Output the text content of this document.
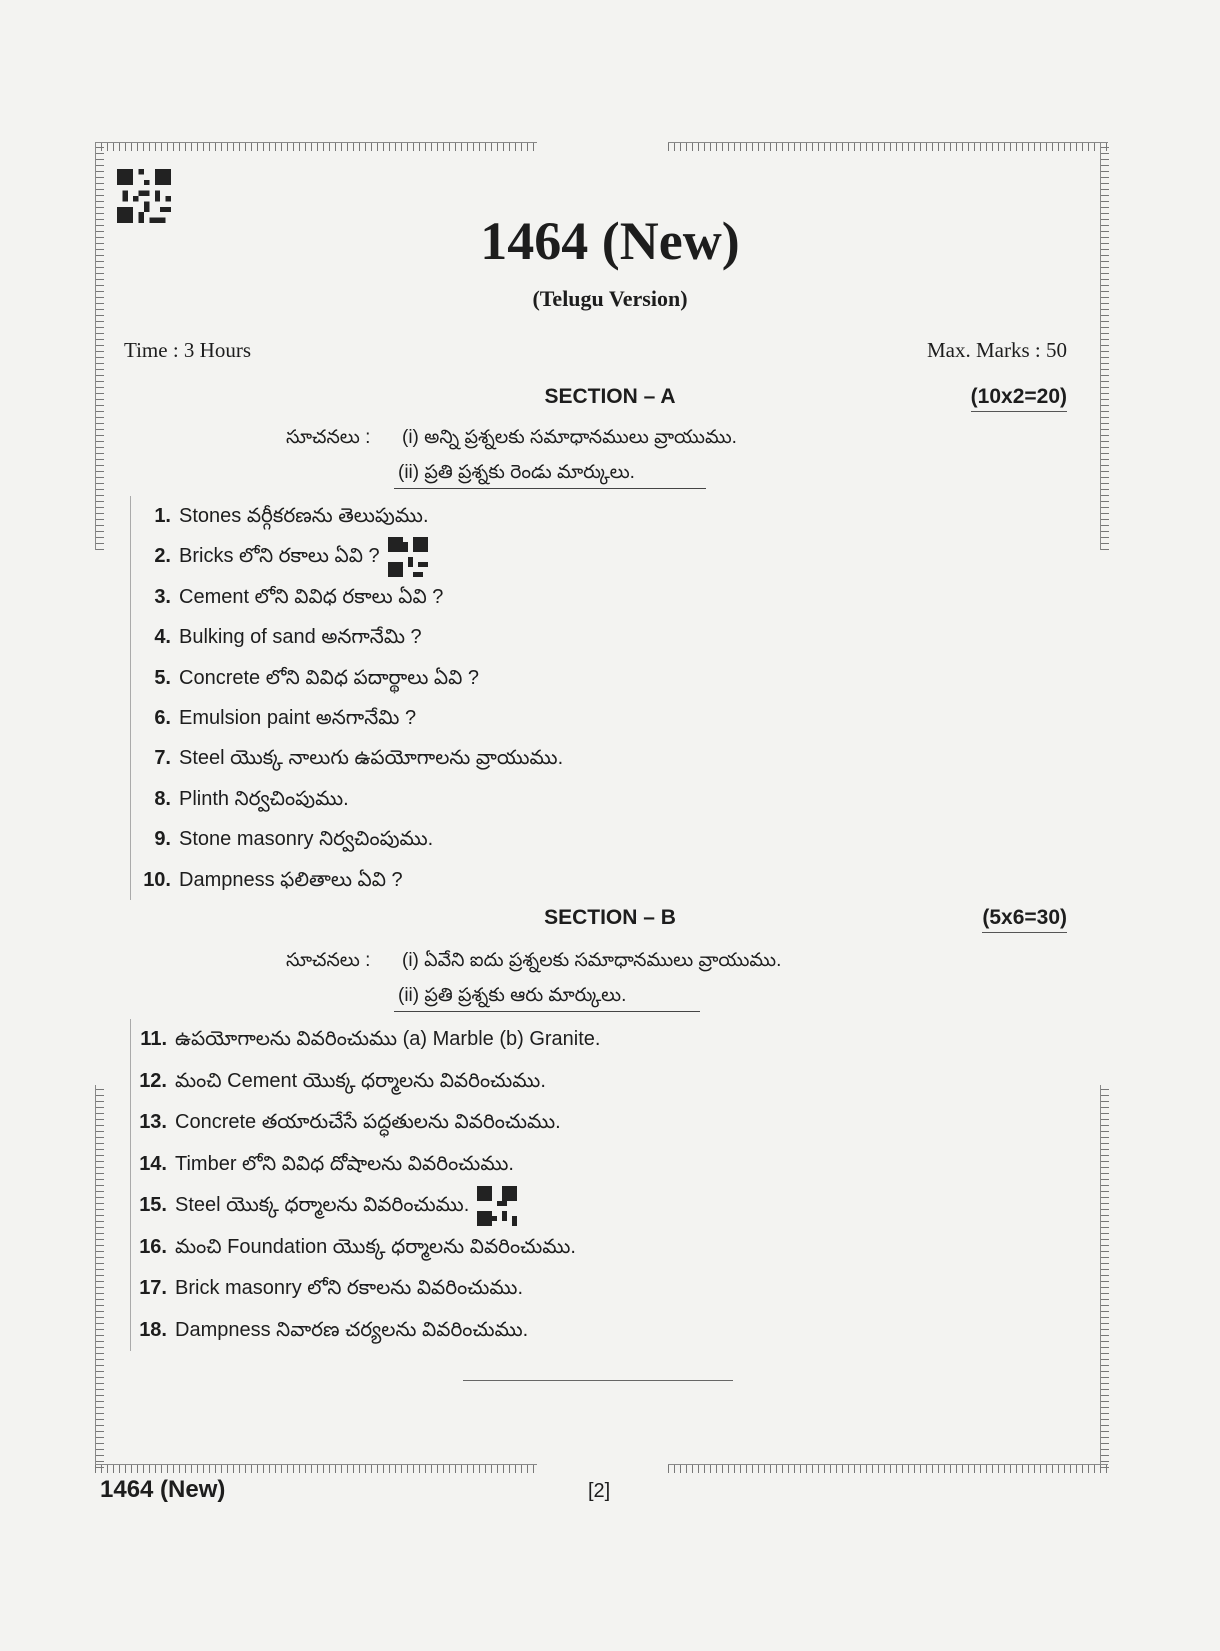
1464 (New)
(Telugu Version)
Time : 3 Hours	Max. Marks : 50
SECTION – A	(10x2=20)
సూచనలు : (i) అన్ని ప్రశ్నలకు సమాధానములు వ్రాయుము.
(ii) ప్రతి ప్రశ్నకు రెండు మార్కులు.
1. Stones వర్గీకరణను తెలుపుము.
2. Bricks లోని రకాలు ఏవి ?
3. Cement లోని వివిధ రకాలు ఏవి ?
4. Bulking of sand అనగానేమి ?
5. Concrete లోని వివిధ పదార్థాలు ఏవి ?
6. Emulsion paint అనగానేమి ?
7. Steel యొక్క నాలుగు ఉపయోగాలను వ్రాయుము.
8. Plinth నిర్వచింపుము.
9. Stone masonry నిర్వచింపుము.
10. Dampness ఫలితాలు ఏవి ?
SECTION – B	(5x6=30)
సూచనలు : (i) ఏవేని ఐదు ప్రశ్నలకు సమాధానములు వ్రాయుము.
(ii) ప్రతి ప్రశ్నకు ఆరు మార్కులు.
11. ఉపయోగాలను వివరించుము (a) Marble (b) Granite.
12. మంచి Cement యొక్క ధర్మాలను వివరించుము.
13. Concrete తయారుచేసే పద్ధతులను వివరించుము.
14. Timber లోని వివిధ దోషాలను వివరించుము.
15. Steel యొక్క ధర్మాలను వివరించుము.
16. మంచి Foundation యొక్క ధర్మాలను వివరించుము.
17. Brick masonry లోని రకాలను వివరించుము.
18. Dampness నివారణ చర్యలను వివరించుము.
1464 (New)	[2]
